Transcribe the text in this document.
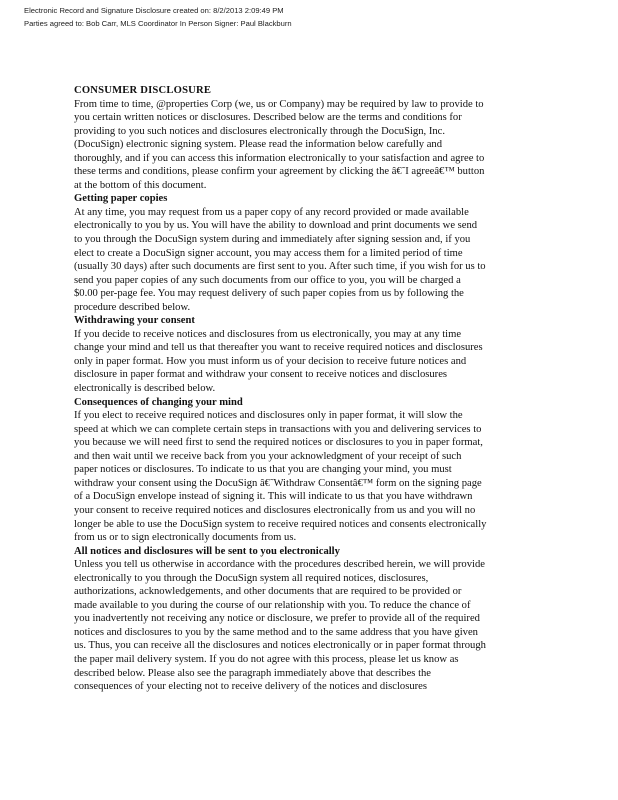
Electronic Record and Signature Disclosure created on: 8/2/2013 2:09:49 PM
Parties agreed to: Bob Carr, MLS Coordinator In Person Signer: Paul Blackburn
CONSUMER DISCLOSURE
From time to time, @properties Corp (we, us or Company) may be required by law to provide to
you certain written notices or disclosures. Described below are the terms and conditions for
providing to you such notices and disclosures electronically through the DocuSign, Inc.
(DocuSign) electronic signing system. Please read the information below carefully and
thoroughly, and if you can access this information electronically to your satisfaction and agree to
these terms and conditions, please confirm your agreement by clicking the â€˜I agreeâ€™ button
at the bottom of this document.
Getting paper copies
At any time, you may request from us a paper copy of any record provided or made available
electronically to you by us. You will have the ability to download and print documents we send
to you through the DocuSign system during and immediately after signing session and, if you
elect to create a DocuSign signer account, you may access them for a limited period of time
(usually 30 days) after such documents are first sent to you. After such time, if you wish for us to
send you paper copies of any such documents from our office to you, you will be charged a
$0.00 per-page fee. You may request delivery of such paper copies from us by following the
procedure described below.
Withdrawing your consent
If you decide to receive notices and disclosures from us electronically, you may at any time
change your mind and tell us that thereafter you want to receive required notices and disclosures
only in paper format. How you must inform us of your decision to receive future notices and
disclosure in paper format and withdraw your consent to receive notices and disclosures
electronically is described below.
Consequences of changing your mind
If you elect to receive required notices and disclosures only in paper format, it will slow the
speed at which we can complete certain steps in transactions with you and delivering services to
you because we will need first to send the required notices or disclosures to you in paper format,
and then wait until we receive back from you your acknowledgment of your receipt of such
paper notices or disclosures. To indicate to us that you are changing your mind, you must
withdraw your consent using the DocuSign â€˜Withdraw Consentâ€™ form on the signing page
of a DocuSign envelope instead of signing it. This will indicate to us that you have withdrawn
your consent to receive required notices and disclosures electronically from us and you will no
longer be able to use the DocuSign system to receive required notices and consents electronically
from us or to sign electronically documents from us.
All notices and disclosures will be sent to you electronically
Unless you tell us otherwise in accordance with the procedures described herein, we will provide
electronically to you through the DocuSign system all required notices, disclosures,
authorizations, acknowledgements, and other documents that are required to be provided or
made available to you during the course of our relationship with you. To reduce the chance of
you inadvertently not receiving any notice or disclosure, we prefer to provide all of the required
notices and disclosures to you by the same method and to the same address that you have given
us. Thus, you can receive all the disclosures and notices electronically or in paper format through
the paper mail delivery system. If you do not agree with this process, please let us know as
described below. Please also see the paragraph immediately above that describes the
consequences of your electing not to receive delivery of the notices and disclosures
